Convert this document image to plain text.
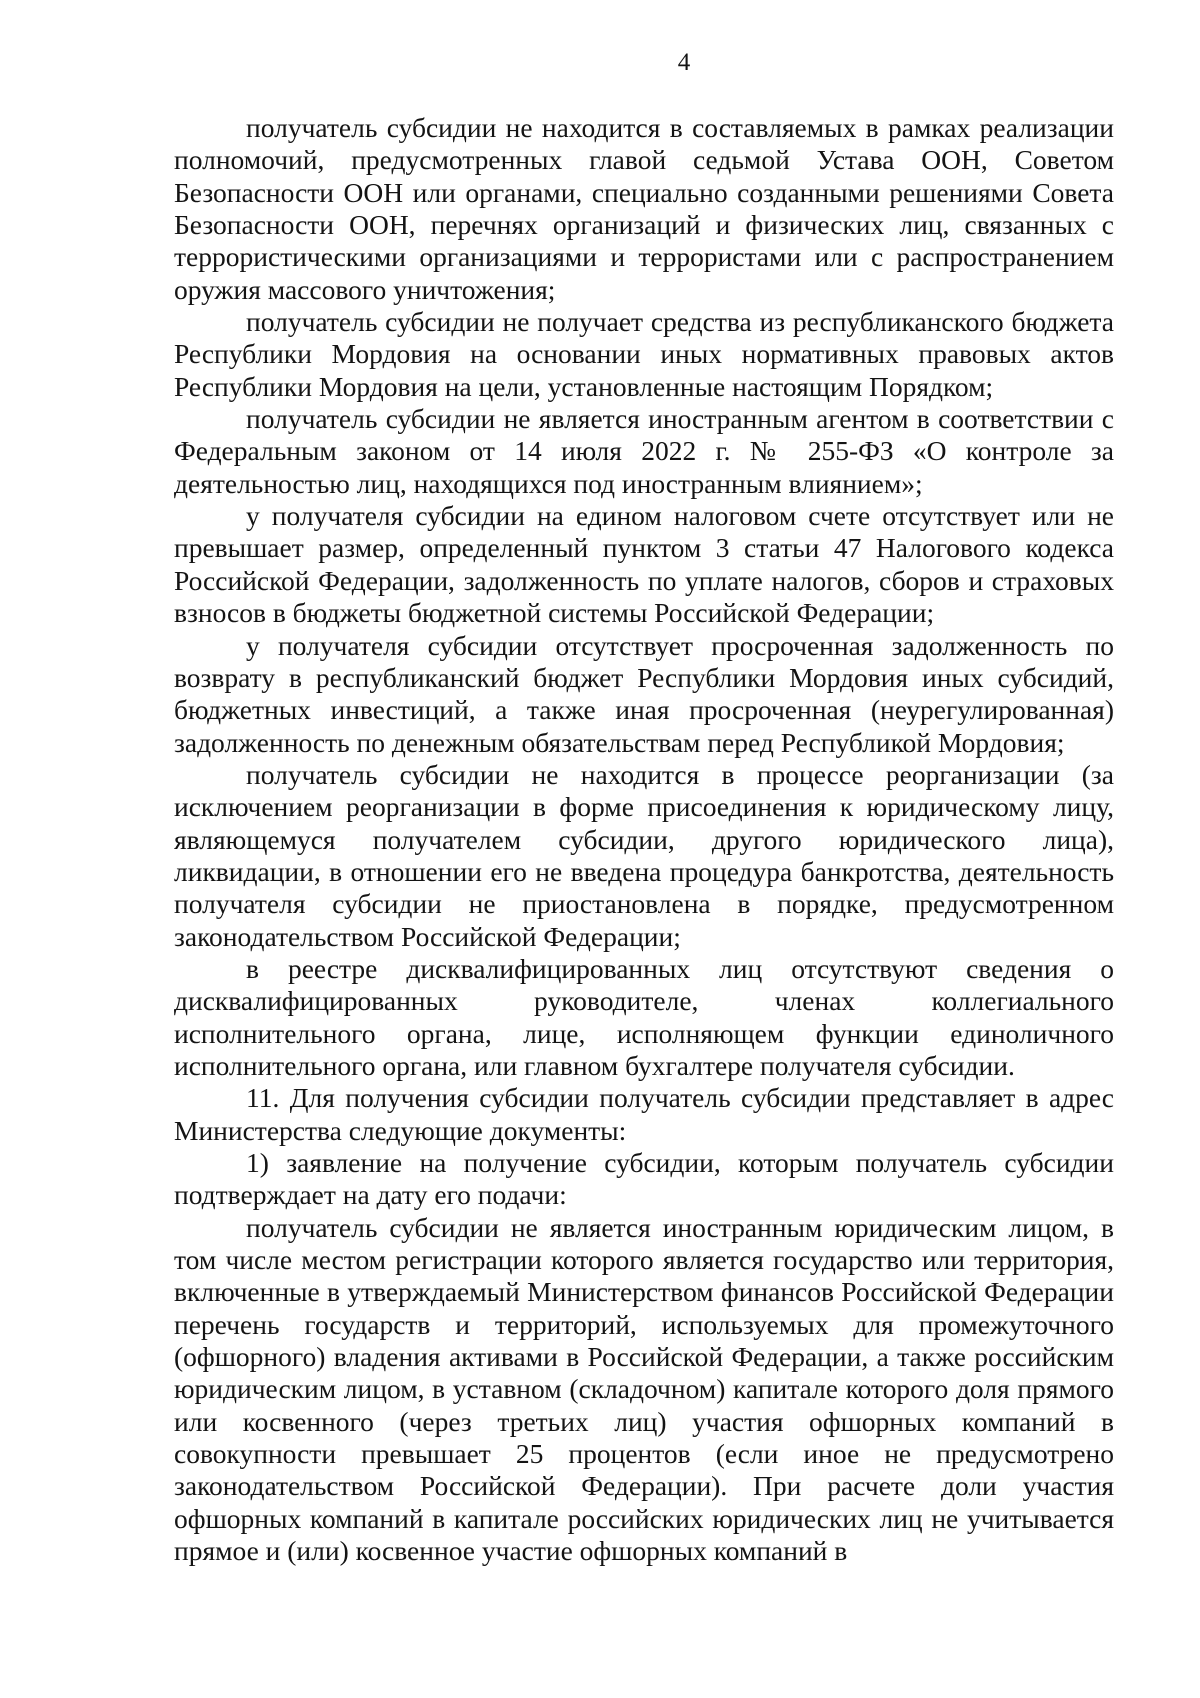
4

получатель субсидии не находится в составляемых в рамках реализации полномочий, предусмотренных главой седьмой Устава ООН, Советом Безопасности ООН или органами, специально созданными решениями Совета Безопасности ООН, перечнях организаций и физических лиц, связанных с террористическими организациями и террористами или с распространением оружия массового уничтожения;

получатель субсидии не получает средства из республиканского бюджета Республики Мордовия на основании иных нормативных правовых актов Республики Мордовия на цели, установленные настоящим Порядком;

получатель субсидии не является иностранным агентом в соответствии с Федеральным законом от 14 июля 2022 г. № 255-ФЗ «О контроле за деятельностью лиц, находящихся под иностранным влиянием»;

у получателя субсидии на едином налоговом счете отсутствует или не превышает размер, определенный пунктом 3 статьи 47 Налогового кодекса Российской Федерации, задолженность по уплате налогов, сборов и страховых взносов в бюджеты бюджетной системы Российской Федерации;

у получателя субсидии отсутствует просроченная задолженность по возврату в республиканский бюджет Республики Мордовия иных субсидий, бюджетных инвестиций, а также иная просроченная (неурегулированная) задолженность по денежным обязательствам перед Республикой Мордовия;

получатель субсидии не находится в процессе реорганизации (за исключением реорганизации в форме присоединения к юридическому лицу, являющемуся получателем субсидии, другого юридического лица), ликвидации, в отношении его не введена процедура банкротства, деятельность получателя субсидии не приостановлена в порядке, предусмотренном законодательством Российской Федерации;

в реестре дисквалифицированных лиц отсутствуют сведения о дисквалифицированных руководителе, членах коллегиального исполнительного органа, лице, исполняющем функции единоличного исполнительного органа, или главном бухгалтере получателя субсидии.

11. Для получения субсидии получатель субсидии представляет в адрес Министерства следующие документы:

1) заявление на получение субсидии, которым получатель субсидии подтверждает на дату его подачи:

получатель субсидии не является иностранным юридическим лицом, в том числе местом регистрации которого является государство или территория, включенные в утверждаемый Министерством финансов Российской Федерации перечень государств и территорий, используемых для промежуточного (офшорного) владения активами в Российской Федерации, а также российским юридическим лицом, в уставном (складочном) капитале которого доля прямого или косвенного (через третьих лиц) участия офшорных компаний в совокупности превышает 25 процентов (если иное не предусмотрено законодательством Российской Федерации). При расчете доли участия офшорных компаний в капитале российских юридических лиц не учитывается прямое и (или) косвенное участие офшорных компаний в
